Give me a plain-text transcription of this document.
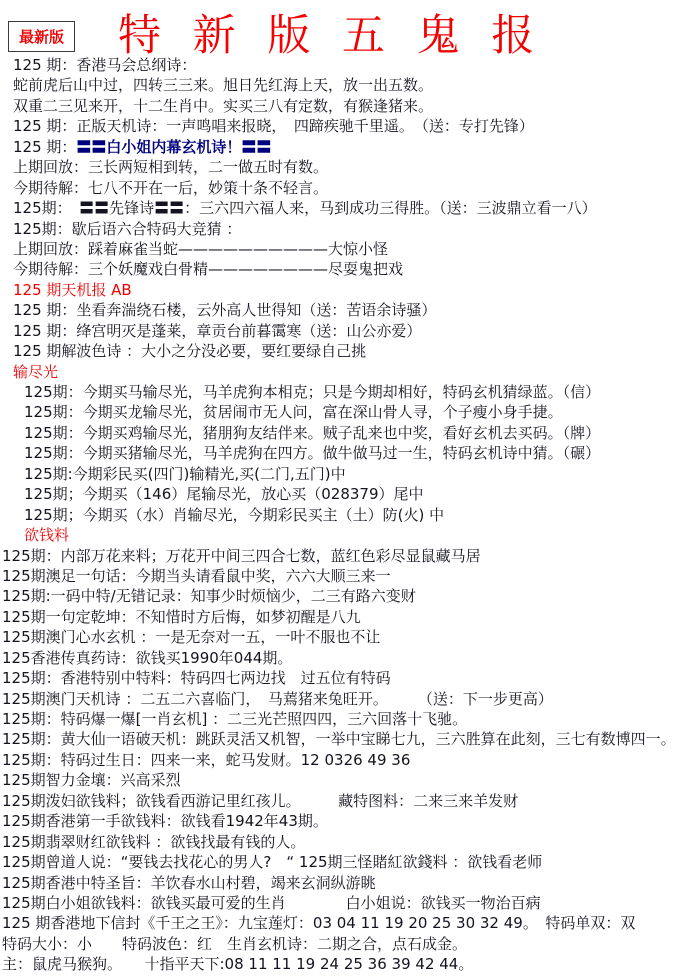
最新版 特 新 版 五 鬼 报
125 期：香港马会总纲诗：
蛇前虎后山中过，四转三三来。旭日先红海上天，放一出五数。
双重二三见来开，十二生肖中。实买三八有定数，有猴逢猪来。
125 期：正版天机诗：一声鸣唱来报晓，　四蹄疾驰千里遥。　（送：专打先锋）
125 期：〓〓白小姐内幕玄机诗！〓〓
上期回放：三长两短相到转，二一做五时有数。
今期待解：七八不开在一后，妙策十条不轻言。
125期：　〓〓先锋诗〓〓：三六四六福人来，马到成功三得胜。（送：三波鼎立看一八）
125期：歇后语六合特码大竞猜 ：
上期回放：踩着麻雀当蛇——————————大惊小怪
今期待解：三个妖魔戏白骨精————————尽耍鬼把戏
125 期天机报 AB
125 期：坐看奔湍绕石楼，云外高人世得知（送：苦语余诗骚）
125 期：绛宫明灭是蓬莱，章贡台前暮霭寒（送：山公亦爱）
125 期解波色诗 ：大小之分没必要，要红要绿自己挑
输尽光
125期：今期买马输尽光，马羊虎狗本相克；只是今期却相好，特码玄机猜绿蓝。（信）
125期：今期买龙输尽光，贫居闹市无人问，富在深山骨人寻，个子瘦小身手捷。
125期：今期买鸡输尽光，猪朋狗友结伴来。贼子乱来也中奖，看好玄机去买码。（牌）
125期：今期买猪输尽光，马羊虎狗在四方。做牛做马过一生，特码玄机诗中猜。（碾）
125期:今期彩民买(四门)输精光,买(二门,五门)中
125期；今期买（146）尾输尽光，放心买（028379）尾中
125期；今期买（水）肖输尽光，今期彩民买主（土）防(火) 中
欲钱料
125期：内部万花来料；万花开中间三四合七数，蓝红色彩尽显鼠藏马居
125期澳足一句话：今期当头请看鼠中奖，六六大顺三来一
125期:一码中特/无错记录：知事少时烦恼少，二三有路六变财
125期一句定乾坤：不知惜时方后悔，如梦初醒是八九
125期澳门心水玄机 ：一是无奈对一五，一叶不服也不让
125香港传真药诗：欲钱买1990年044期。
125期：香港特别中特料：特码四七两边找　过五位有特码
125期澳门天机诗 ：二五二六喜临门，　马蔫猪来兔旺开。　　　（送：下一步更高）
125期：特码爆一爆[一肖玄机] ：二三光芒照四四，三六回落十飞驰。
125期：黄大仙一语破天机：跳跃灵活又机智，一举中宝睇七九，三六胜算在此刻，三七有数博四一。
125期：特码过生日：四来一来，蛇马发财。12 0326 49 36
125期智力金壤：兴高采烈
125期泼妇欲钱料；欲钱看西游记里红孩儿。　　　藏特图料：二来三来羊发财
125期香港第一手欲钱料：欲钱看1942年43期。
125期翡翠财红欲钱料 ：欲钱找最有钱的人。
125期曾道人说：“要钱去找花心的男人?　“ 125期三怪賭紅欲錢料 ：欲钱看老师
125期香港中特圣旨：羊饮春水山村碧，竭来玄洞纵游眺
125期白小姐欲钱料：欲钱买最可爱的生肖　　　　白小姐说：欲钱买一物治百病
125 期香港地下信封《千王之王》：九宝莲灯：03 04 11 19 20 25 30 32 49。　特码单双：双
特码大小：小　　特码波色：红　生肖玄机诗：二期之合，点石成金。
主：鼠虎马猴狗。　　十指平天下:08 11 11 19 24 25 36 39 42 44。
